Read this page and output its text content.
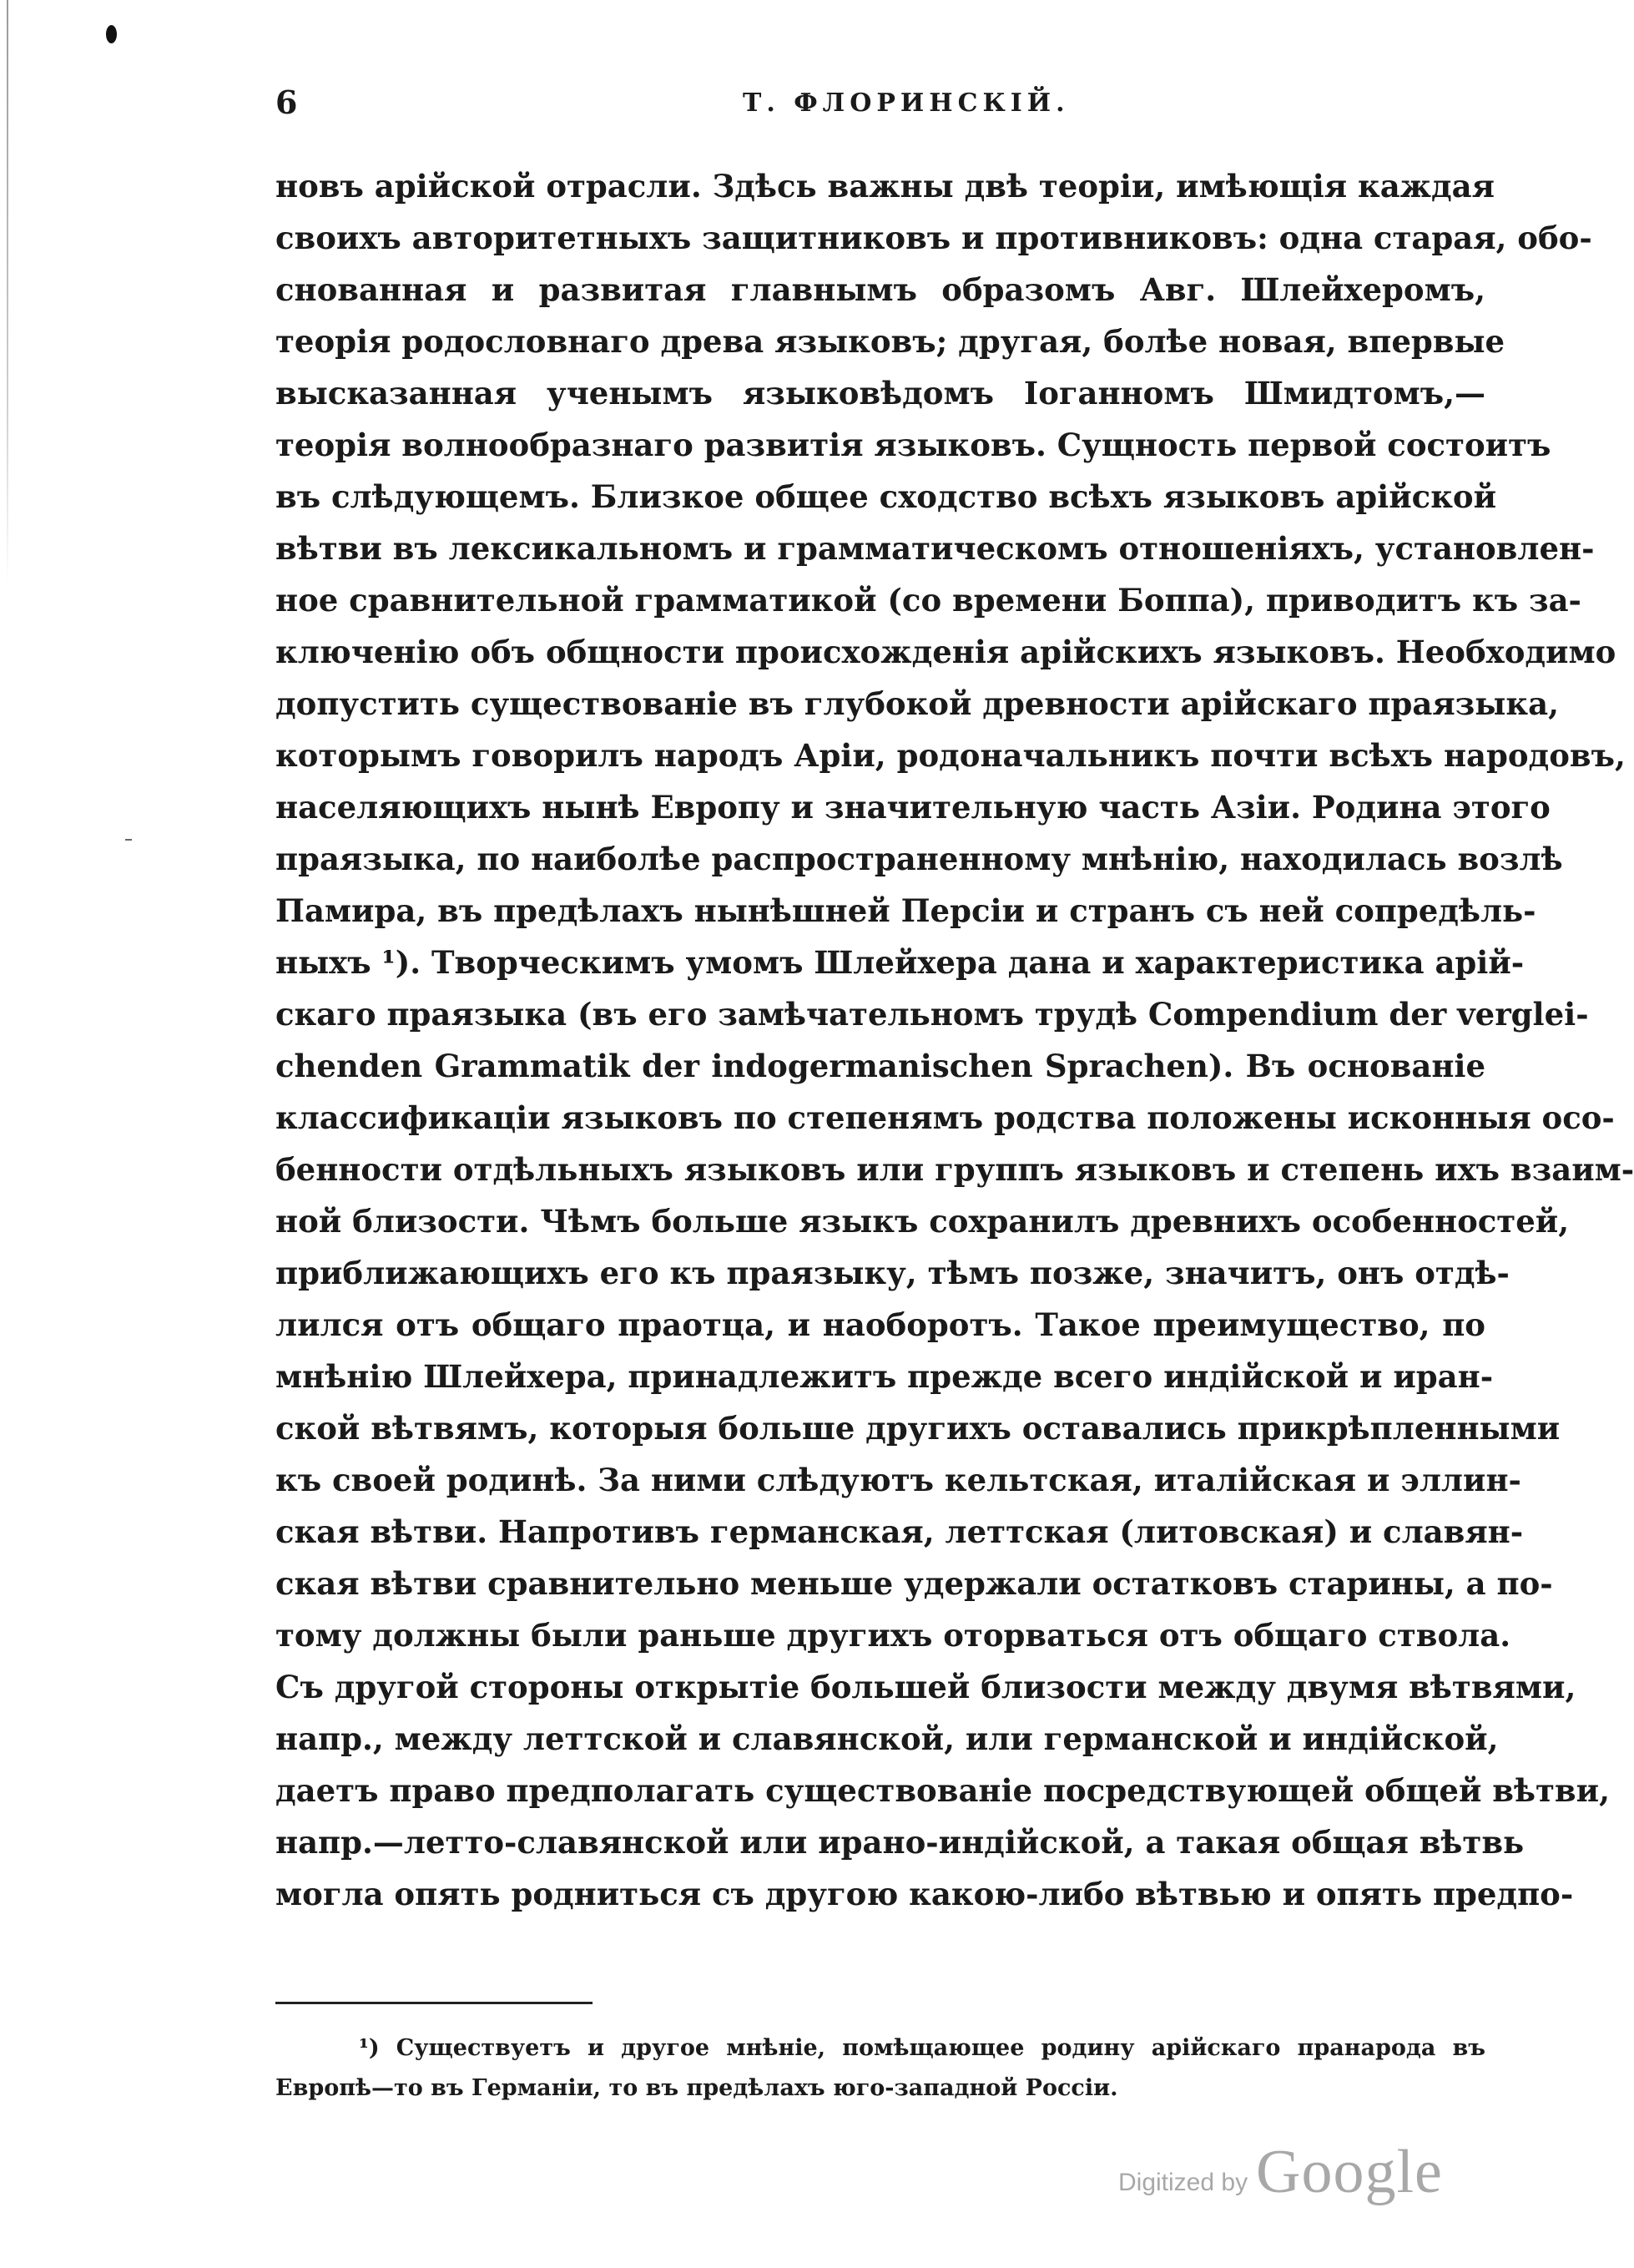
6	Т. ФЛОРИНСКІЙ.
новъ арійской отрасли. Здѣсь важны двѣ теоріи, имѣющія каждая
своихъ авторитетныхъ защитниковъ и противниковъ: одна старая, обо-
снованная и развитая главнымъ образомъ Авг. Шлейхеромъ,
теорія родословнаго древа языковъ; другая, болѣе новая, впервые
высказанная ученымъ языковѣдомъ Іоганномъ Шмидтомъ,—
теорія волнообразнаго развитія языковъ. Сущность первой состоитъ
въ слѣдующемъ. Близкое общее сходство всѣхъ языковъ арійской
вѣтви въ лексикальномъ и грамматическомъ отношеніяхъ, установлен-
ное сравнительной грамматикой (со времени Боппа), приводитъ къ за-
ключенію объ общности происхожденія арійскихъ языковъ. Необходимо
допустить существованіе въ глубокой древности арійскаго праязыка,
которымъ говорилъ народъ Аріи, родоначальникъ почти всѣхъ народовъ,
населяющихъ нынѣ Европу и значительную часть Азіи. Родина этого
праязыка, по наиболѣе распространенному мнѣнію, находилась возлѣ
Памира, въ предѣлахъ нынѣшней Персіи и странъ съ ней сопредѣль-
ныхъ ¹). Творческимъ умомъ Шлейхера дана и характеристика арій-
скаго праязыка (въ его замѣчательномъ трудѣ Compendium der verglei-
chenden Grammatik der indogermanischen Sprachen). Въ основаніе
классификаціи языковъ по степенямъ родства положены исконныя осо-
бенности отдѣльныхъ языковъ или группъ языковъ и степень ихъ взаим-
ной близости. Чѣмъ больше языкъ сохранилъ древнихъ особенностей,
приближающихъ его къ праязыку, тѣмъ позже, значитъ, онъ отдѣ-
лился отъ общаго праотца, и наоборотъ. Такое преимущество, по
мнѣнію Шлейхера, принадлежитъ прежде всего индійской и иран-
ской вѣтвямъ, которыя больше другихъ оставались прикрѣпленными
къ своей родинѣ. За ними слѣдуютъ кельтская, италійская и эллин-
ская вѣтви. Напротивъ германская, леттская (литовская) и славян-
ская вѣтви сравнительно меньше удержали остатковъ старины, а по-
тому должны были раньше другихъ оторваться отъ общаго ствола.
Съ другой стороны открытіе большей близости между двумя вѣтвями,
напр., между леттской и славянской, или германской и индійской,
даетъ право предполагать существованіе посредствующей общей вѣтви,
напр.—летто-славянской или ирано-индійской, а такая общая вѣтвь
могла опять родниться съ другою какою-либо вѣтвью и опять предпо-
¹) Существуетъ и другое мнѣніе, помѣщающее родину арійскаго пранарода въ
Европѣ—то въ Германіи, то въ предѣлахъ юго-западной Россіи.
Digitized by Google
